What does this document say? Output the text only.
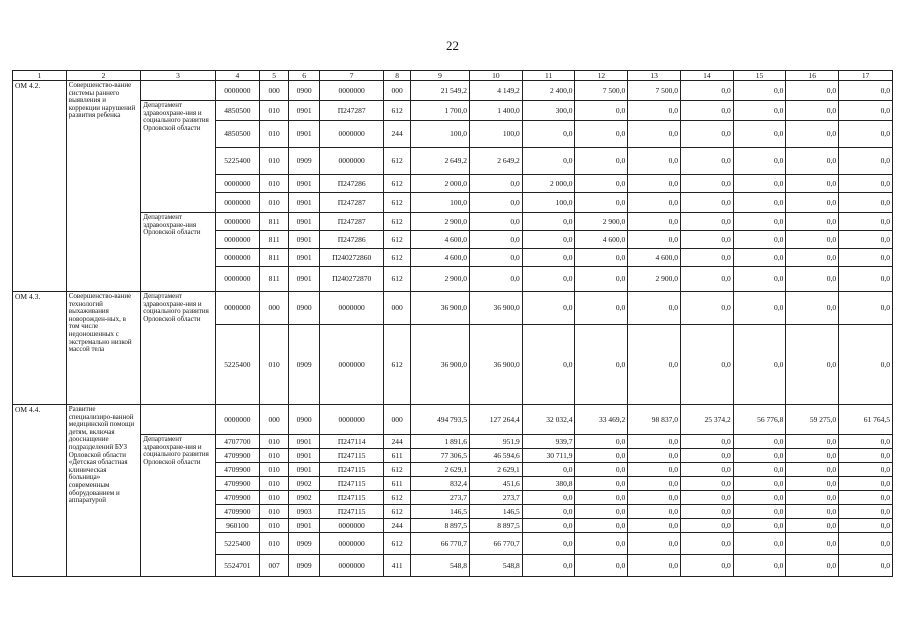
22
1	2	3	4	5	6	7	8	9	10	11	12	13	14	15	16	17
ОМ 4.2.	Совершенство-вание системы раннего выявления и коррекции нарушений развития ребенка		0000000	000	0900	0000000	000	21 549,2	4 149,2	2 400,0	7 500,0	7 500,0	0,0	0,0	0,0	0,0
		Департамент здравоохране-ния и социального развития Орловской области	4850500	010	0901	П247287	612	1 700,0	1 400,0	300,0	0,0	0,0	0,0	0,0	0,0	0,0
			4850500	010	0901	0000000	244	100,0	100,0	0,0	0,0	0,0	0,0	0,0	0,0	0,0
			5225400	010	0909	0000000	612	2 649,2	2 649,2	0,0	0,0	0,0	0,0	0,0	0,0	0,0
			0000000	010	0901	П247286	612	2 000,0	0,0	2 000,0	0,0	0,0	0,0	0,0	0,0	0,0
			0000000	010	0901	П247287	612	100,0	0,0	100,0	0,0	0,0	0,0	0,0	0,0	0,0
		Департамент здравоохране-ния Орловской области	0000000	811	0901	П247287	612	2 900,0	0,0	0,0	2 900,0	0,0	0,0	0,0	0,0	0,0
			0000000	811	0901	П247286	612	4 600,0	0,0	0,0	4 600,0	0,0	0,0	0,0	0,0	0,0
			0000000	811	0901	П240272860	612	4 600,0	0,0	0,0	0,0	4 600,0	0,0	0,0	0,0	0,0
			0000000	811	0901	П240272870	612	2 900,0	0,0	0,0	0,0	2 900,0	0,0	0,0	0,0	0,0
ОМ 4.3.	Совершенство-вание технологий выхаживания новорожден-ных, в том числе недоношенных с экстремально низкой массой тела	Департамент здравоохране-ния и социального развития Орловской области	0000000	000	0900	0000000	000	36 900,0	36 900,0	0,0	0,0	0,0	0,0	0,0	0,0	0,0
			5225400	010	0909	0000000	612	36 900,0	36 900,0	0,0	0,0	0,0	0,0	0,0	0,0	0,0
ОМ 4.4.	Развитие специализиро-ванной медицинской помощи детям, включая дооснащение подразделений БУЗ Орловской области «Детская областная клиническая больница» современным оборудованием и аппаратурой		0000000	000	0900	0000000	000	494 793,5	127 264,4	32 032,4	33 469,2	98 837,0	25 374,2	56 776,8	59 275,0	61 764,5
		Департамент здравоохране-ния и социального развития Орловской области	4707700	010	0901	П247114	244	1 891,6	951,9	939,7	0,0	0,0	0,0	0,0	0,0	0,0
			4709900	010	0901	П247115	611	77 306,5	46 594,6	30 711,9	0,0	0,0	0,0	0,0	0,0	0,0
			4709900	010	0901	П247115	612	2 629,1	2 629,1	0,0	0,0	0,0	0,0	0,0	0,0	0,0
			4709900	010	0902	П247115	611	832,4	451,6	380,8	0,0	0,0	0,0	0,0	0,0	0,0
			4709900	010	0902	П247115	612	273,7	273,7	0,0	0,0	0,0	0,0	0,0	0,0	0,0
			4709900	010	0903	П247115	612	146,5	146,5	0,0	0,0	0,0	0,0	0,0	0,0	0,0
			960100	010	0901	0000000	244	8 897,5	8 897,5	0,0	0,0	0,0	0,0	0,0	0,0	0,0
			5225400	010	0909	0000000	612	66 770,7	66 770,7	0,0	0,0	0,0	0,0	0,0	0,0	0,0
			5524701	007	0909	0000000	411	548,8	548,8	0,0	0,0	0,0	0,0	0,0	0,0	0,0
